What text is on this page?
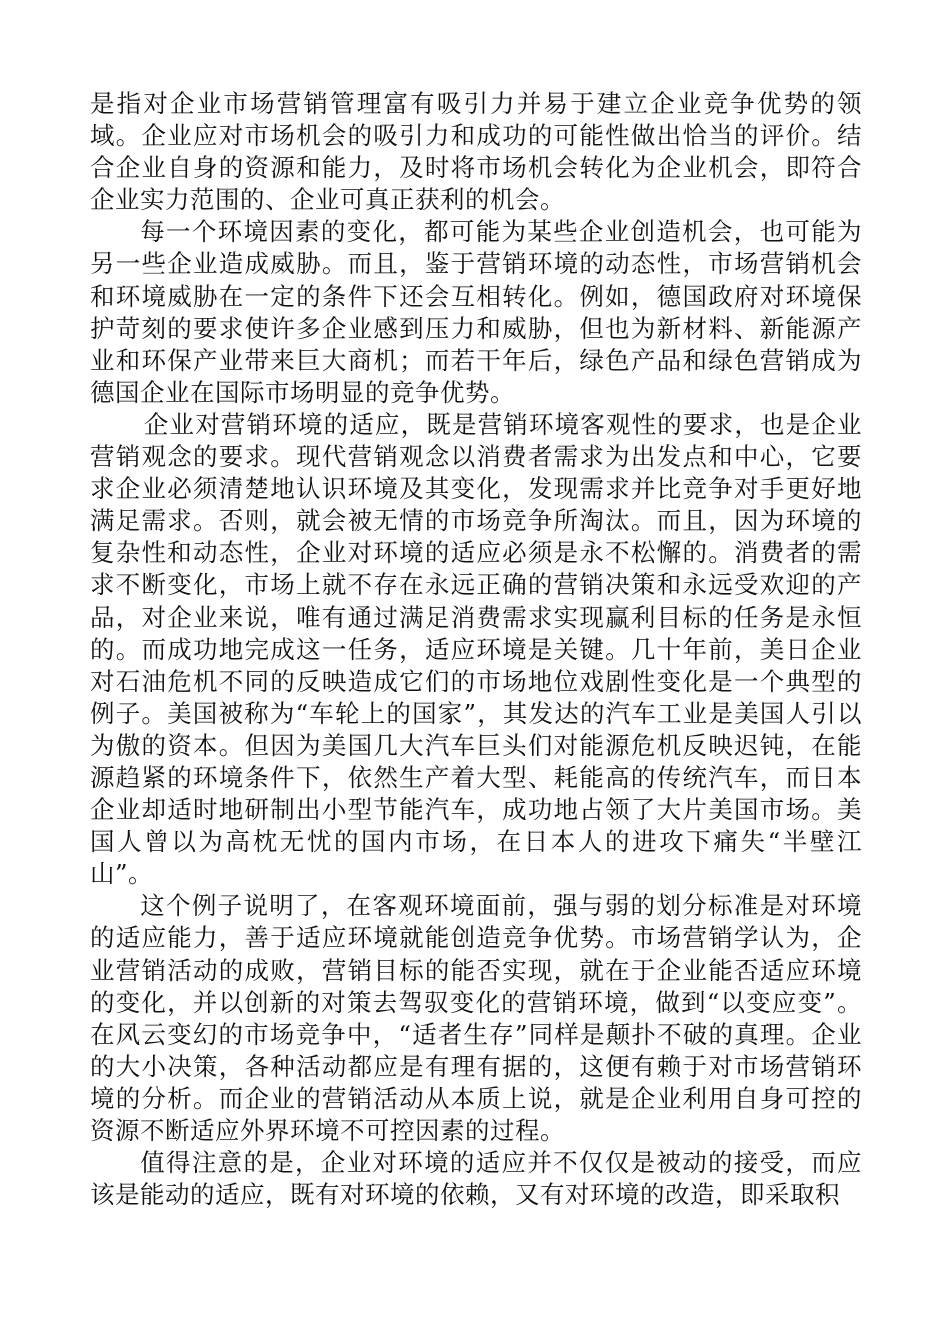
是指对企业市场营销管理富有吸引力并易于建立企业竞争优势的领域。企业应对市场机会的吸引力和成功的可能性做出恰当的评价。结合企业自身的资源和能力，及时将市场机会转化为企业机会，即符合企业实力范围的、企业可真正获利的机会。

每一个环境因素的变化，都可能为某些企业创造机会，也可能为另一些企业造成威胁。而且，鉴于营销环境的动态性，市场营销机会和环境威胁在一定的条件下还会互相转化。例如，德国政府对环境保护苛刻的要求使许多企业感到压力和威胁，但也为新材料、新能源产业和环保产业带来巨大商机；而若干年后，绿色产品和绿色营销成为德国企业在国际市场明显的竞争优势。

企业对营销环境的适应，既是营销环境客观性的要求，也是企业营销观念的要求。现代营销观念以消费者需求为出发点和中心，它要求企业必须清楚地认识环境及其变化，发现需求并比竞争对手更好地满足需求。否则，就会被无情的市场竞争所淘汰。而且，因为环境的复杂性和动态性，企业对环境的适应必须是永不松懈的。消费者的需求不断变化，市场上就不存在永远正确的营销决策和永远受欢迎的产品，对企业来说，唯有通过满足消费需求实现赢利目标的任务是永恒的。而成功地完成这一任务，适应环境是关键。几十年前，美日企业对石油危机不同的反映造成它们的市场地位戏剧性变化是一个典型的例子。美国被称为“车轮上的国家”，其发达的汽车工业是美国人引以为傲的资本。但因为美国几大汽车巨头们对能源危机反映迟钝，在能源趋紧的环境条件下，依然生产着大型、耗能高的传统汽车，而日本企业却适时地研制出小型节能汽车，成功地占领了大片美国市场。美国人曾以为高枕无忧的国内市场，在日本人的进攻下痛失“半壁江山”。

这个例子说明了，在客观环境面前，强与弱的划分标准是对环境的适应能力，善于适应环境就能创造竞争优势。市场营销学认为，企业营销活动的成败，营销目标的能否实现，就在于企业能否适应环境的变化，并以创新的对策去驾驭变化的营销环境，做到“以变应变”。在风云变幻的市场竞争中，“适者生存”同样是颠扑不破的真理。企业的大小决策，各种活动都应是有理有据的，这便有赖于对市场营销环境的分析。而企业的营销活动从本质上说，就是企业利用自身可控的资源不断适应外界环境不可控因素的过程。

值得注意的是，企业对环境的适应并不仅仅是被动的接受，而应该是能动的适应，既有对环境的依赖，又有对环境的改造，即采取积
